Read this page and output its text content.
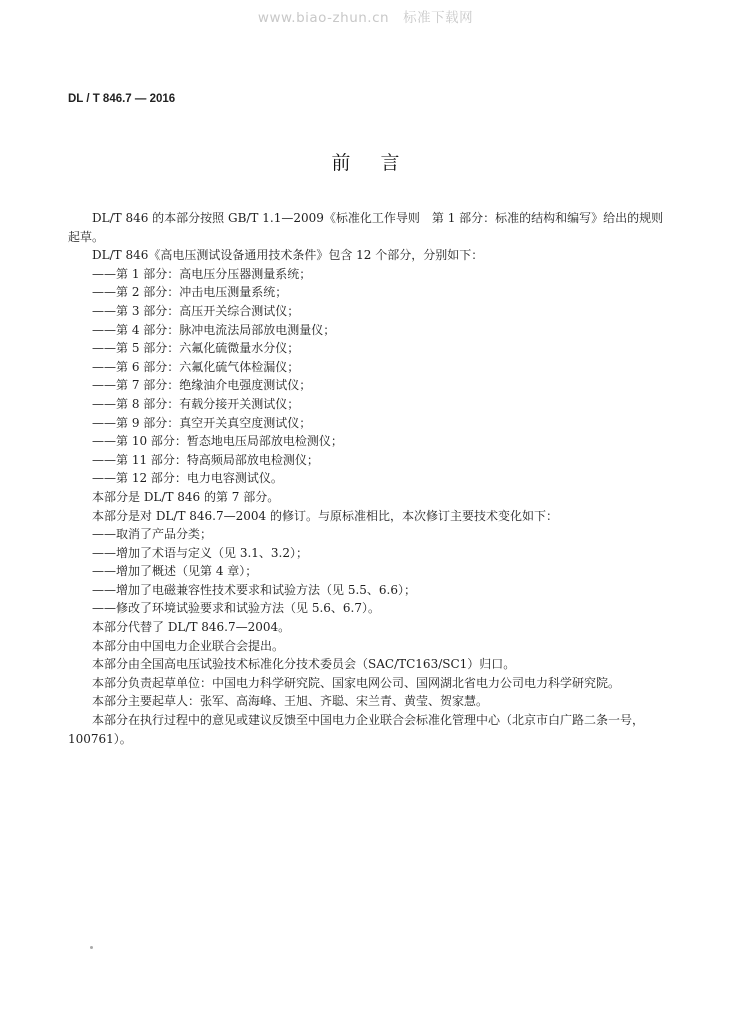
www.biao-zhun.cn 标准下载网
DL / T 846.7 — 2016
前言

DL/T 846 的本部分按照 GB/T 1.1—2009《标准化工作导则　第 1 部分：标准的结构和编写》给出的规则起草。

DL/T 846《高电压测试设备通用技术条件》包含 12 个部分，分别如下：

——第 1 部分：高电压分压器测量系统；

——第 2 部分：冲击电压测量系统；

——第 3 部分：高压开关综合测试仪；

——第 4 部分：脉冲电流法局部放电测量仪；

——第 5 部分：六氟化硫微量水分仪；

——第 6 部分：六氟化硫气体检漏仪；

——第 7 部分：绝缘油介电强度测试仪；

——第 8 部分：有载分接开关测试仪；

——第 9 部分：真空开关真空度测试仪；

——第 10 部分：暂态地电压局部放电检测仪；

——第 11 部分：特高频局部放电检测仪；

——第 12 部分：电力电容测试仪。

本部分是 DL/T 846 的第 7 部分。

本部分是对 DL/T 846.7—2004 的修订。与原标准相比，本次修订主要技术变化如下：

——取消了产品分类；

——增加了术语与定义（见 3.1、3.2）；

——增加了概述（见第 4 章）；

——增加了电磁兼容性技术要求和试验方法（见 5.5、6.6）；

——修改了环境试验要求和试验方法（见 5.6、6.7）。

本部分代替了 DL/T 846.7—2004。

本部分由中国电力企业联合会提出。

本部分由全国高电压试验技术标准化分技术委员会（SAC/TC163/SC1）归口。

本部分负责起草单位：中国电力科学研究院、国家电网公司、国网湖北省电力公司电力科学研究院。

本部分主要起草人：张军、高海峰、王旭、齐聪、宋兰青、黄莹、贺家慧。

本部分在执行过程中的意见或建议反馈至中国电力企业联合会标准化管理中心（北京市白广路二条一号，100761）。
